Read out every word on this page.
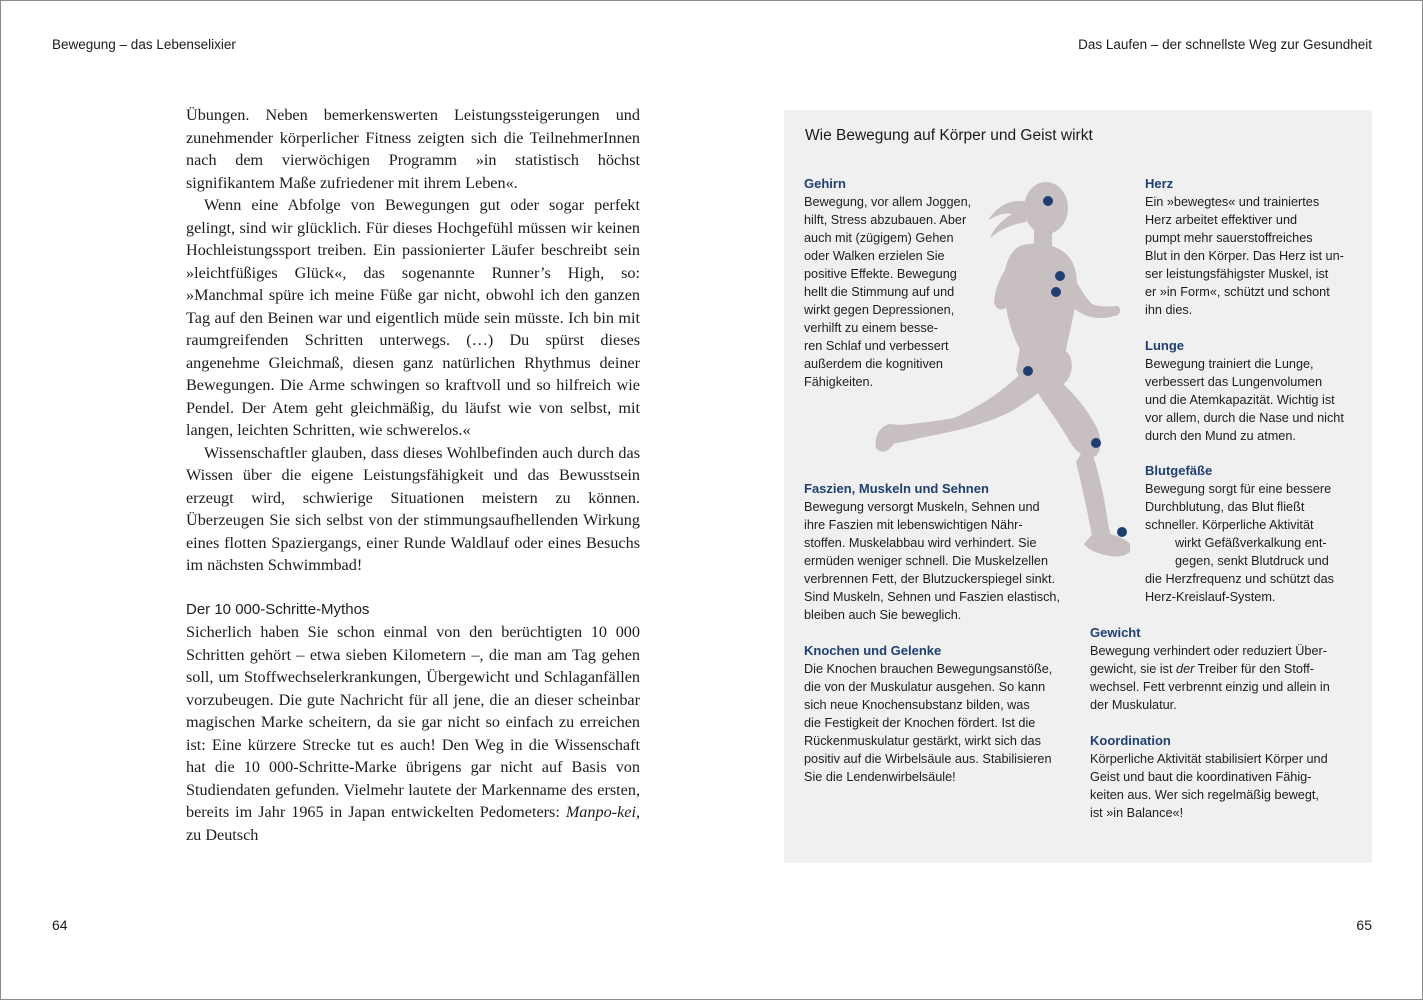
Bewegung – das Lebenselixier

Übungen. Neben bemerkenswerten Leistungssteigerungen und zunehmender körperlicher Fitness zeigten sich die TeilnehmerInnen nach dem vierwöchigen Programm »in statistisch höchst signifikantem Maße zufriedener mit ihrem Leben«.

Wenn eine Abfolge von Bewegungen gut oder sogar perfekt gelingt, sind wir glücklich. Für dieses Hochgefühl müssen wir keinen Hochleistungssport treiben. Ein passionierter Läufer beschreibt sein »leichtfüßiges Glück«, das sogenannte Runner’s High, so: »Manchmal spüre ich meine Füße gar nicht, obwohl ich den ganzen Tag auf den Beinen war und eigentlich müde sein müsste. Ich bin mit raumgreifenden Schritten unterwegs. (…) Du spürst dieses angenehme Gleichmaß, diesen ganz natürlichen Rhythmus deiner Bewegungen. Die Arme schwingen so kraftvoll und so hilfreich wie Pendel. Der Atem geht gleichmäßig, du läufst wie von selbst, mit langen, leichten Schritten, wie schwerelos.«

Wissenschaftler glauben, dass dieses Wohlbefinden auch durch das Wissen über die eigene Leistungsfähigkeit und das Bewusstsein erzeugt wird, schwierige Situationen meistern zu können. Überzeugen Sie sich selbst von der stimmungsaufhellenden Wirkung eines flotten Spaziergangs, einer Runde Waldlauf oder eines Besuchs im nächsten Schwimmbad!

Der 10 000-Schritte-Mythos

Sicherlich haben Sie schon einmal von den berüchtigten 10 000 Schritten gehört – etwa sieben Kilometern –, die man am Tag gehen soll, um Stoffwechselerkrankungen, Übergewicht und Schlaganfällen vorzubeugen. Die gute Nachricht für all jene, die an dieser scheinbar magischen Marke scheitern, da sie gar nicht so einfach zu erreichen ist: Eine kürzere Strecke tut es auch! Den Weg in die Wissenschaft hat die 10 000-Schritte-Marke übrigens gar nicht auf Basis von Studiendaten gefunden. Vielmehr lautete der Markenname des ersten, bereits im Jahr 1965 in Japan entwickelten Pedometers: Manpo-kei, zu Deutsch

64
Das Laufen – der schnellste Weg zur Gesundheit
Wie Bewegung auf Körper und Geist wirkt
Gehirn
Bewegung, vor allem Joggen,
hilft, Stress abzubauen. Aber
auch mit (zügigem) Gehen
oder Walken erzielen Sie
positive Effekte. Bewegung
hellt die Stimmung auf und
wirkt gegen Depressionen,
verhilft zu einem besse-
ren Schlaf und verbessert
außerdem die kognitiven
Fähigkeiten.
Herz
Ein »bewegtes« und trainiertes
Herz arbeitet effektiver und
pumpt mehr sauerstoffreiches
Blut in den Körper. Das Herz ist un-
ser leistungsfähigster Muskel, ist
er »in Form«, schützt und schont
ihn dies.
Lunge
Bewegung trainiert die Lunge,
verbessert das Lungenvolumen
und die Atemkapazität. Wichtig ist
vor allem, durch die Nase und nicht
durch den Mund zu atmen.
Blutgefäße
Bewegung sorgt für eine bessere
Durchblutung, das Blut fließt
schneller. Körperliche Aktivität
wirkt Gefäßverkalkung ent-
gegen, senkt Blutdruck und
die Herzfrequenz und schützt das
Herz-Kreislauf-System.
Faszien, Muskeln und Sehnen
Bewegung versorgt Muskeln, Sehnen und
ihre Faszien mit lebenswichtigen Nähr-
stoffen. Muskelabbau wird verhindert. Sie
ermüden weniger schnell. Die Muskelzellen
verbrennen Fett, der Blutzuckerspiegel sinkt.
Sind Muskeln, Sehnen und Faszien elastisch,
bleiben auch Sie beweglich.
Knochen und Gelenke
Die Knochen brauchen Bewegungsanstöße,
die von der Muskulatur ausgehen. So kann
sich neue Knochensubstanz bilden, was
die Festigkeit der Knochen fördert. Ist die
Rückenmuskulatur gestärkt, wirkt sich das
positiv auf die Wirbelsäule aus. Stabilisieren
Sie die Lendenwirbelsäule!
Gewicht
Bewegung verhindert oder reduziert Über-
gewicht, sie ist der Treiber für den Stoff-
wechsel. Fett verbrennt einzig und allein in
der Muskulatur.
Koordination
Körperliche Aktivität stabilisiert Körper und
Geist und baut die koordinativen Fähig-
keiten aus. Wer sich regelmäßig bewegt,
ist »in Balance«!
65
